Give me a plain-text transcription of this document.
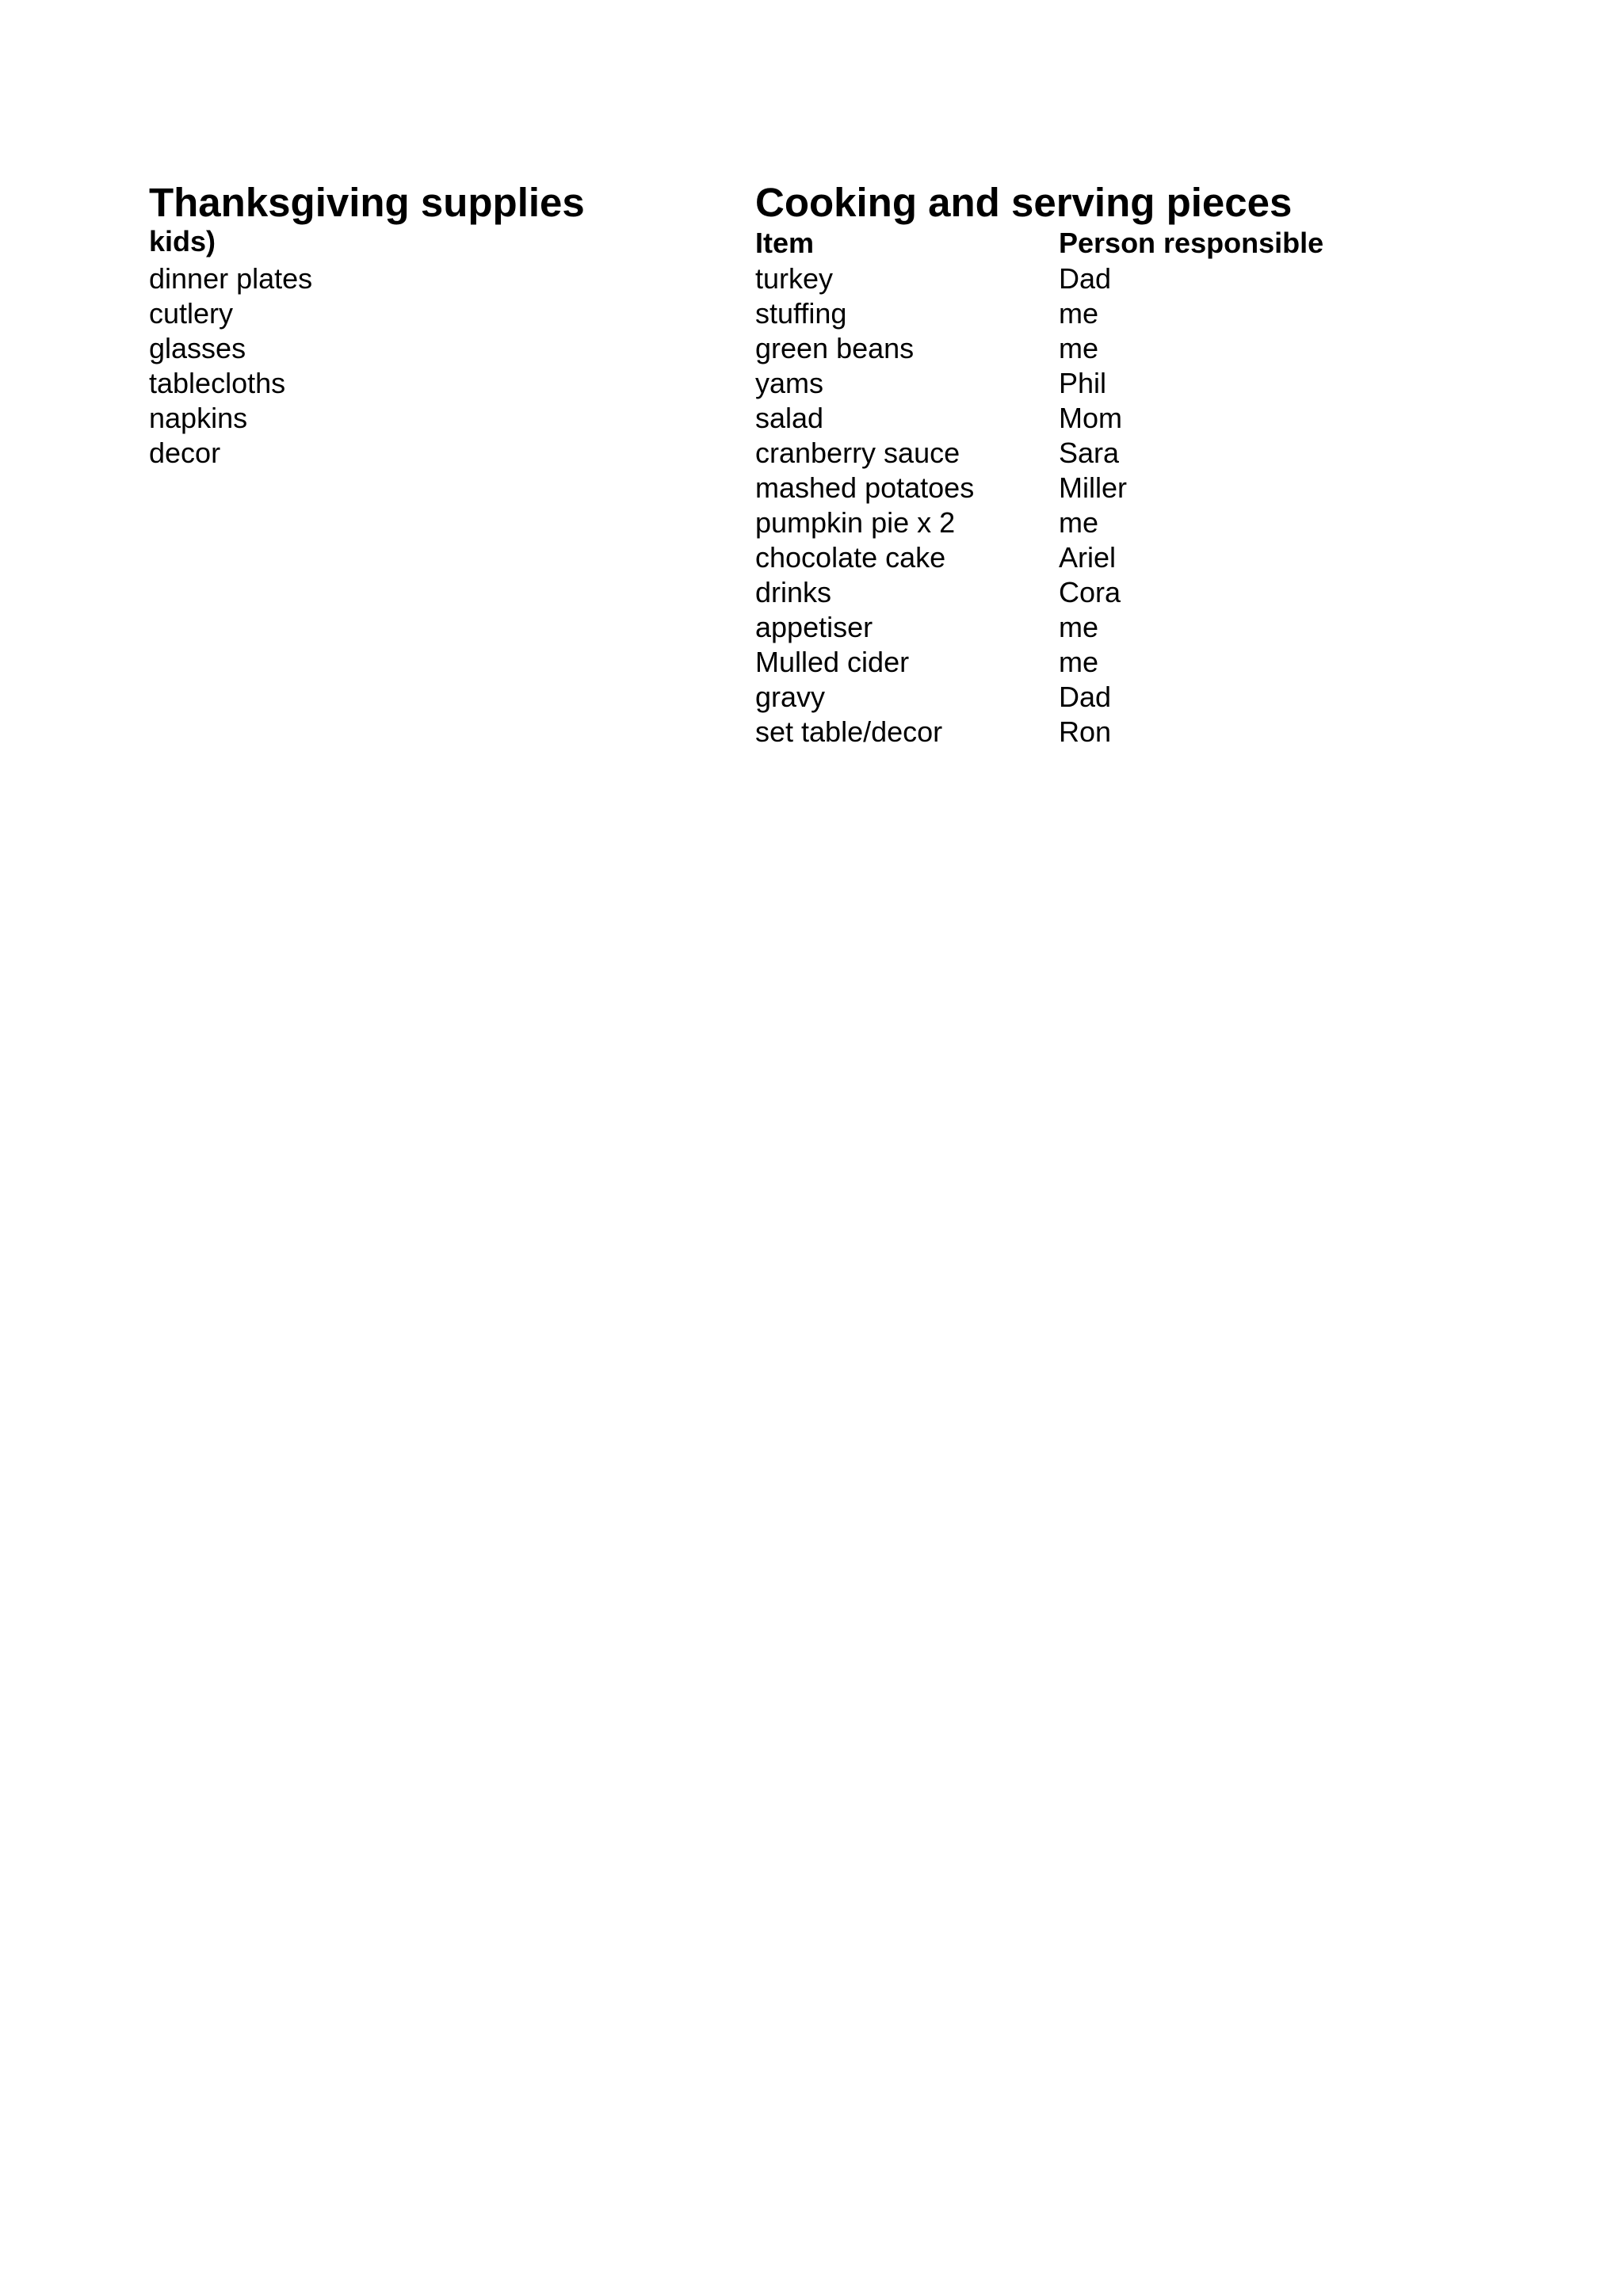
Thanksgiving supplies
kids)
dinner plates
cutlery
glasses
tablecloths
napkins
decor
Cooking and serving pieces
Item	Person responsible
turkey
stuffing
green beans
yams
salad
cranberry sauce
mashed potatoes
pumpkin pie x 2
chocolate cake
drinks
appetiser
Mulled cider
gravy
set table/decor
Dad
me
me
Phil
Mom
Sara
Miller
me
Ariel
Cora
me
me
Dad
Ron
